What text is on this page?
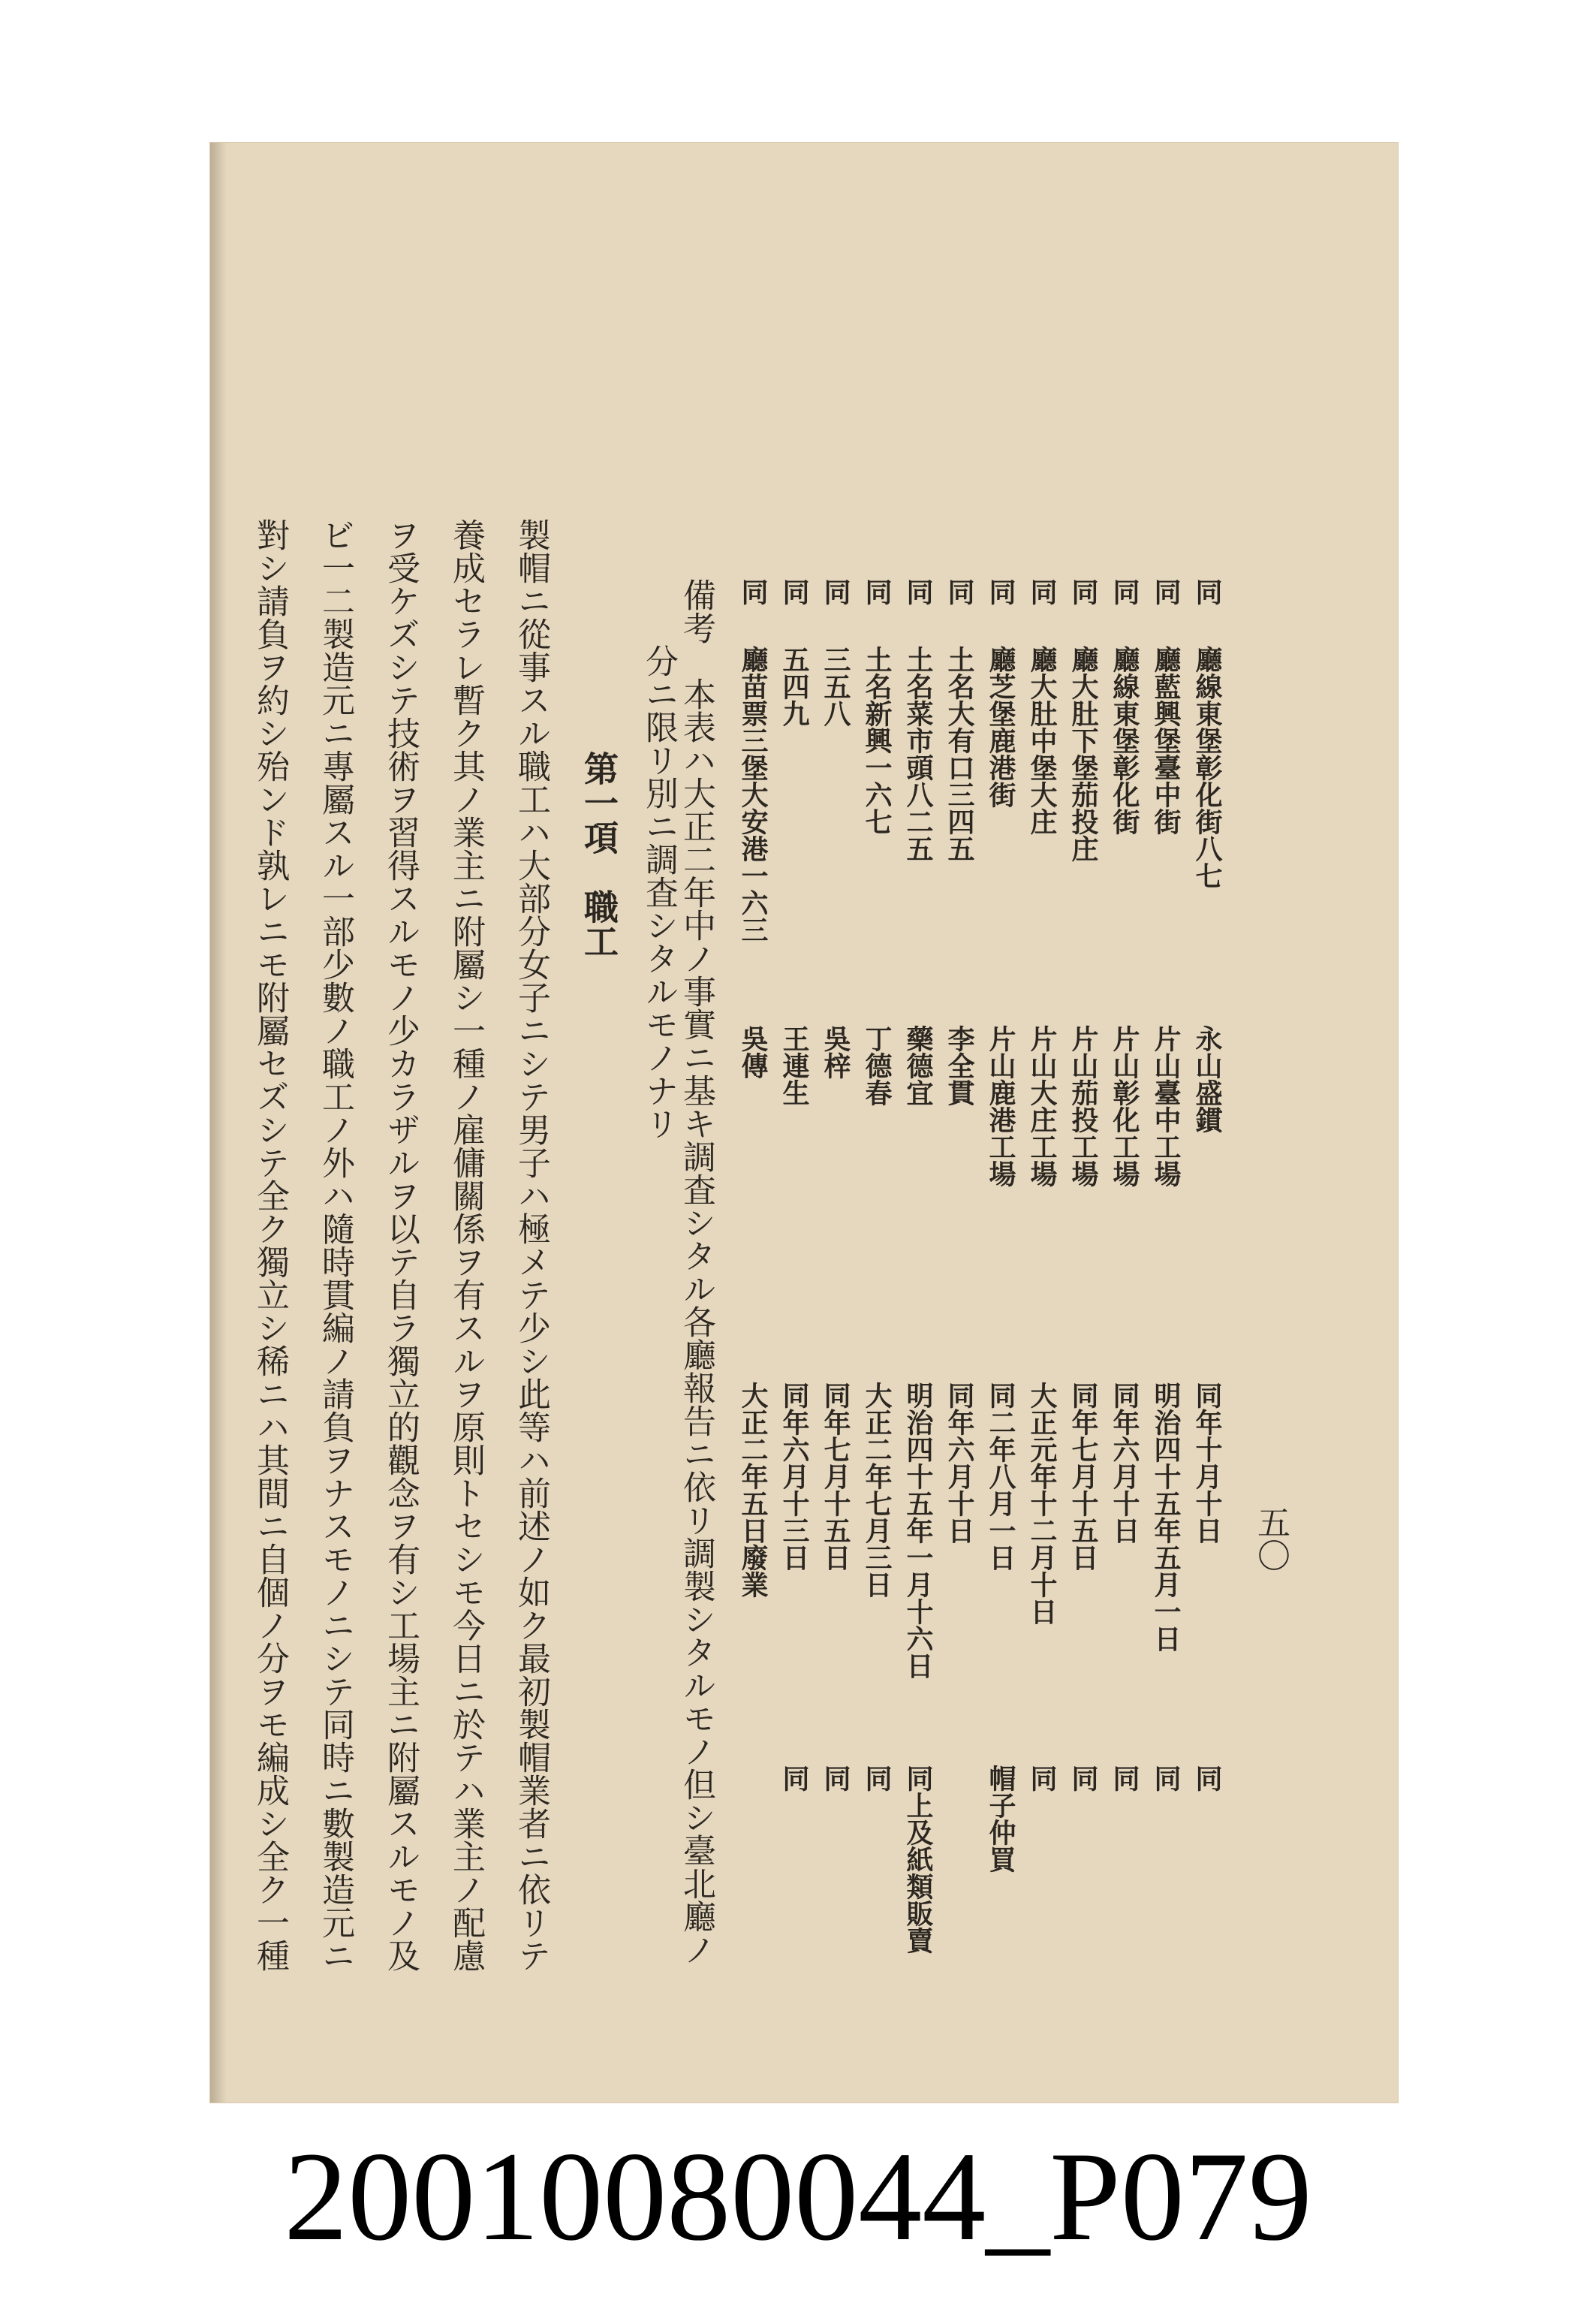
五〇
同
廳線東堡彰化街八七
永山盛鏆
同年十月十日
同
同
廳藍興堡臺中街
片山臺中工場
明治四十五年五月一日
同
同
廳線東堡彰化街
片山彰化工場
同年六月十日
同
同
廳大肚下堡茄投庄
片山茄投工場
同年七月十五日
同
同
廳大肚中堡大庄
片山大庄工場
大正元年十二月十日
同
同
廳芝堡鹿港街
片山鹿港工場
同二年八月一日
帽子仲買
同
土名大有口三四五
李全貫
同年六月十日
同
土名菜市頭八二五
藥德宜
明治四十五年一月十六日
同上及紙類販賣
同
土名新興一六七
丁德春
大正二年七月三日
同
同
三五八
吳梓
同年七月十五日
同
同
五四九
王連生
同年六月十三日
同
同
廳苗票三堡大安港一六三
吳傳
大正二年五日廢業
備考　本表ハ大正二年中ノ事實ニ基キ調査シタル各廳報告ニ依リ調製シタルモノ但シ臺北廳ノ
　　分ニ限リ別ニ調査シタルモノナリ
第一項　職工
製帽ニ從事スル職工ハ大部分女子ニシテ男子ハ極メテ少シ此等ハ前述ノ如ク最初製帽業者ニ依リテ
養成セラレ暫ク其ノ業主ニ附屬シ一種ノ雇傭關係ヲ有スルヲ原則トセシモ今日ニ於テハ業主ノ配慮
ヲ受ケズシテ技術ヲ習得スルモノ少カラザルヲ以テ自ラ獨立的觀念ヲ有シ工場主ニ附屬スルモノ及
ビ一二製造元ニ專屬スル一部少數ノ職工ノ外ハ隨時貫編ノ請負ヲナスモノニシテ同時ニ數製造元ニ
對シ請負ヲ約シ殆ンド孰レニモ附屬セズシテ全ク獨立シ稀ニハ其間ニ自個ノ分ヲモ編成シ全ク一種
20010080044_P079
